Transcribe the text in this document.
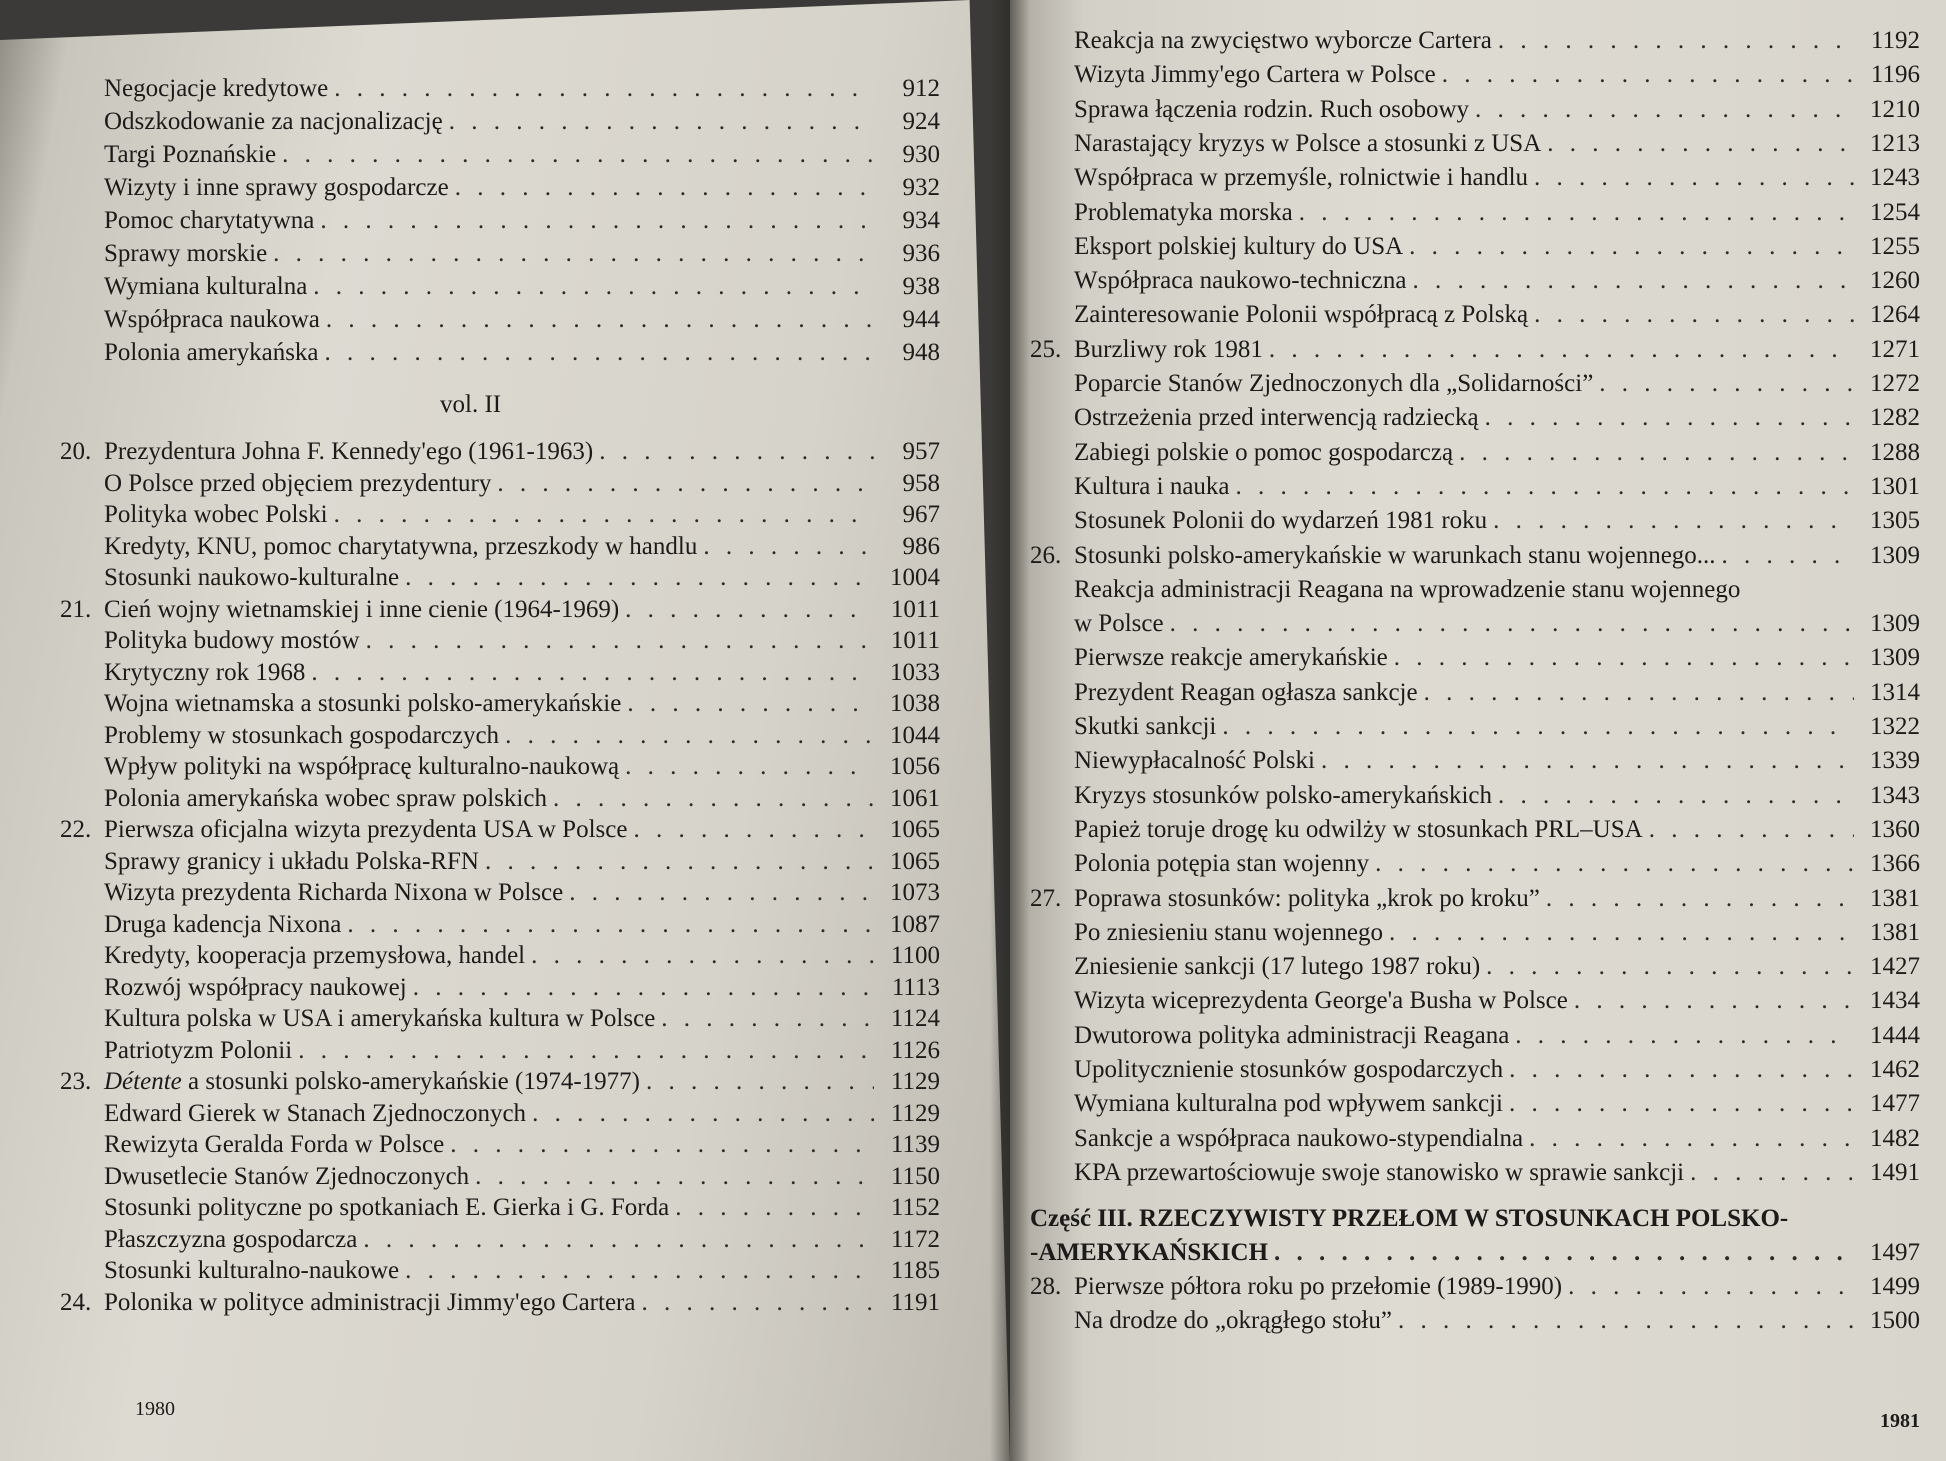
Negocjacje kredytowe . . .	912
Odszkodowanie za nacjonalizację . . .	924
Targi Poznańskie . . .	930
Wizyty i inne sprawy gospodarcze . . .	932
Pomoc charytatywna . . .	934
Sprawy morskie . . .	936
Wymiana kulturalna . . .	938
Współpraca naukowa . . .	944
Polonia amerykańska . . .	948
20. Prezydentura Johna F. Kennedy'ego (1961-1963) . . .	957
O Polsce przed objęciem prezydentury . . .	958
Polityka wobec Polski . . .	967
Kredyty, KNU, pomoc charytatywna, przeszkody w handlu . . .	986
Stosunki naukowo-kulturalne . . .	1004
21. Cień wojny wietnamskiej i inne cienie (1964-1969) . . .	1011
Polityka budowy mostów . . .	1011
Krytyczny rok 1968 . . .	1033
Wojna wietnamska a stosunki polsko-amerykańskie . . .	1038
Problemy w stosunkach gospodarczych . . .	1044
Wpływ polityki na współpracę kulturalno-naukową . . .	1056
Polonia amerykańska wobec spraw polskich . . .	1061
22. Pierwsza oficjalna wizyta prezydenta USA w Polsce . . .	1065
Sprawy granicy i układu Polska-RFN . . .	1065
Wizyta prezydenta Richarda Nixona w Polsce . . .	1073
Druga kadencja Nixona . . .	1087
Kredyty, kooperacja przemysłowa, handel . . .	1100
Rozwój współpracy naukowej . . .	1113
Kultura polska w USA i amerykańska kultura w Polsce . . .	1124
Patriotyzm Polonii . . .	1126
23. Détente a stosunki polsko-amerykańskie (1974-1977) . . .	1129
Edward Gierek w Stanach Zjednoczonych . . .	1129
Rewizyta Geralda Forda w Polsce . . .	1139
Dwusetlecie Stanów Zjednoczonych . . .	1150
Stosunki polityczne po spotkaniach E. Gierka i G. Forda . . .	1152
Płaszczyzna gospodarcza . . .	1172
Stosunki kulturalno-naukowe . . .	1185
24. Polonika w polityce administracji Jimmy'ego Cartera . . .	1191
Reakcja na zwycięstwo wyborcze Cartera . . .	1192
Wizyta Jimmy'ego Cartera w Polsce . . .	1196
Sprawa łączenia rodzin. Ruch osobowy . . .	1210
Narastający kryzys w Polsce a stosunki z USA . . .	1213
Współpraca w przemyśle, rolnictwie i handlu . . .	1243
Problematyka morska . . .	1254
Eksport polskiej kultury do USA . . .	1255
Współpraca naukowo-techniczna . . .	1260
Zainteresowanie Polonii współpracą z Polską . . .	1264
25. Burzliwy rok 1981 . . .	1271
Poparcie Stanów Zjednoczonych dla „Solidarności” . . .	1272
Ostrzeżenia przed interwencją radziecką . . .	1282
Zabiegi polskie o pomoc gospodarczą . . .	1288
Kultura i nauka . . .	1301
Stosunek Polonii do wydarzeń 1981 roku . . .	1305
26. Stosunki polsko-amerykańskie w warunkach stanu wojennego... . . .	1309
Reakcja administracji Reagana na wprowadzenie stanu wojennego
w Polsce . . .	1309
Pierwsze reakcje amerykańskie . . .	1309
Prezydent Reagan ogłasza sankcje . . .	1314
Skutki sankcji . . .	1322
Niewypłacalność Polski . . .	1339
Kryzys stosunków polsko-amerykańskich . . .	1343
Papież toruje drogę ku odwilży w stosunkach PRL–USA . . .	1360
Polonia potępia stan wojenny . . .	1366
27. Poprawa stosunków: polityka „krok po kroku” . . .	1381
Po zniesieniu stanu wojennego . . .	1381
Zniesienie sankcji (17 lutego 1987 roku) . . .	1427
Wizyta wiceprezydenta George'a Busha w Polsce . . .	1434
Dwutorowa polityka administracji Reagana . . .	1444
Upolitycznienie stosunków gospodarczych . . .	1462
Wymiana kulturalna pod wpływem sankcji . . .	1477
Sankcje a współpraca naukowo-stypendialna . . .	1482
KPA przewartościowuje swoje stanowisko w sprawie sankcji . . .	1491
Część III. RZECZYWISTY PRZEŁOM W STOSUNKACH POLSKO-
-AMERYKAŃSKICH . . .	1497
28. Pierwsze półtora roku po przełomie (1989-1990) . . .	1499
Na drodze do „okrągłego stołu” . . .	1500
vol. II
1980
1981
